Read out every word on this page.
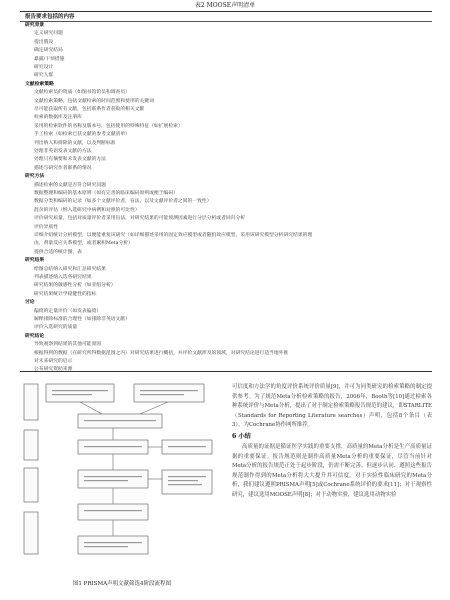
表2 MOOSE声明清单
报告要求包括的内容
研究背景
定义研究问题
提出假设
确定研究结局
暴露/干预措施
研究设计
研究人群
文献检索策略
文献检索员的资质（如图书馆馆员和调查员）
文献检索策略，包括文献检索的时间范围和使用的关键词
尽可能获取所有文献，包括联系作者获取的相关文献
检索的数据库及注册库
采用的检索软件的名称及版本号，包括使用的特殊特征（如扩展检索）
手工检索（如检索已获文献的参考文献清单）
列出纳入和排除的文献，以及判断标准
处理非英语发表文献的方法
处理只有摘要和未发表文献的方法
描述与研究作者联系的情况
研究方法
描述检索的文献是否符合研究问题
数据整理和编码的基本原则（如有完善的临床编码原则或便于编码）
数据分类和编码的记录（如多个文献评价者，盲法，以及文献评价者之间的一致性）
混杂的评估（纳入选研究中病例和对照的可比性）
评价研究质量，包括对质量评价者采用盲法，对研究结果的可能预测因素进行分层分析或者回归分析
评价异质性
详细介绍统计分析模型，以便能重复该研究（如详细描述采用的固定效应模型或者随机效应模型，采用该研究模型分析研究结果的理
由，剂量反应关系模型，或者累积Meta分析）
提供合适的统计图、表
研究结果
绘图总结纳入研究和汇总研究结果
列表描述纳入选各研究结果
研究结果的敏感性分析（如亚组分析）
研究结果统计学稳健性的指标
讨论
偏倚的定量评价（如发表偏倚）
解释排除标准的合理性（如排除非英语文献）
评价入选研究的质量
研究结论
导致观察到结果的其他可能原因
根据得到的数据（在研究所得数据范围之内）对研究结果进行概括，并评价文献涉及的领域，对研究结论进行适当地外推
对未来研究的启示
公布研究资助来源
图1 PRISMA声明文献筛选4阶段流程图

可信度和方法学的角度评价系统评价质量[9]，并可为同类研究的检索策略的制定提供参考。为了规范Meta分析检索策略的报告，2006年，Booth等[10]通过检索各种系统评价与Meta分析，提出了对于制定检索策略报告规范的建议，即STARLITE（Standards for Reporting Literature searches）声明，包括8个条目（表3），为Cochrane协作网所推荐。

6 小结

高质量的证据是循证医学实践的重要支撑，高质量的Meta分析是生产高质量证据的重要保证。报告规范则是制作高质量Meta分析的重要保证，尽管当前针对Meta分析的报告规范正处于起步阶段，仍需不断完善、但逐步认同、遵照这些报告规范制作得到的Meta分析将大大提升其可信度。对于实验性临床研究的Meta分析，我们建议遵照PRISMA声明[5]或Cochrane系统评价的要求[11]；对于观察性研究，建议选用MOOSE声明[8]；对于动物实验，建议选用动物实验
